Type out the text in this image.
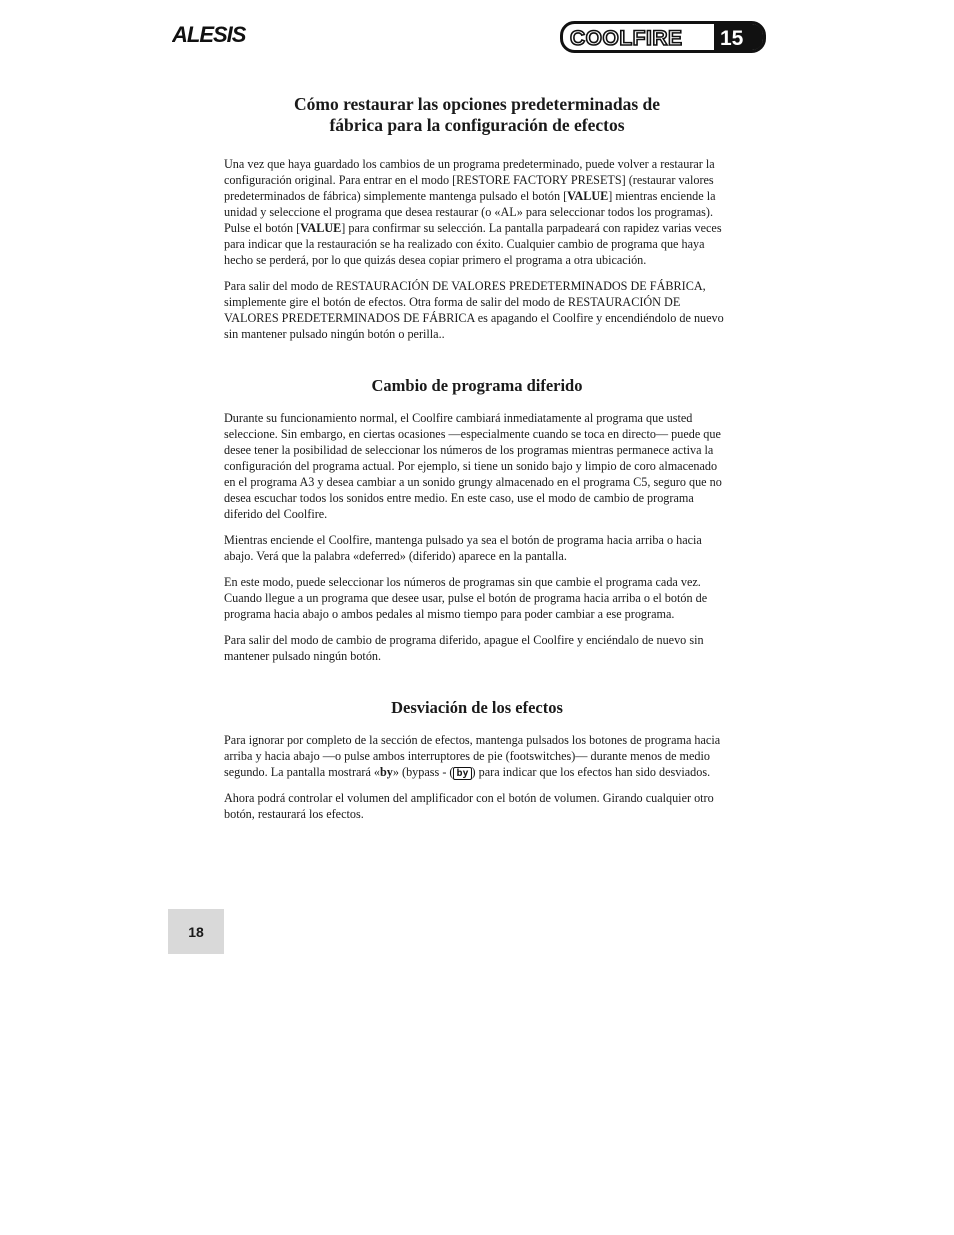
ALESIS	COOLFIRE 15
Cómo restaurar las opciones predeterminadas de
fábrica para la configuración de efectos

Una vez que haya guardado los cambios de un programa predeterminado, puede volver a restaurar la configuración original. Para entrar en el modo [RESTORE FACTORY PRESETS] (restaurar valores predeterminados de fábrica) simplemente mantenga pulsado el botón [VALUE] mientras enciende la unidad y seleccione el programa que desea restaurar (o «AL» para seleccionar todos los programas). Pulse el botón [VALUE] para confirmar su selección. La pantalla parpadeará con rapidez varias veces para indicar que la restauración se ha realizado con éxito. Cualquier cambio de programa que haya hecho se perderá, por lo que quizás desea copiar primero el programa a otra ubicación.

Para salir del modo de RESTAURACIÓN DE VALORES PREDETERMINADOS DE FÁBRICA, simplemente gire el botón de efectos. Otra forma de salir del modo de RESTAURACIÓN DE VALORES PREDETERMINADOS DE FÁBRICA es apagando el Coolfire y encendiéndolo de nuevo sin mantener pulsado ningún botón o perilla..

Cambio de programa diferido

Durante su funcionamiento normal, el Coolfire cambiará inmediatamente al programa que usted seleccione. Sin embargo, en ciertas ocasiones —especialmente cuando se toca en directo— puede que desee tener la posibilidad de seleccionar los números de los programas mientras permanece activa la configuración del programa actual. Por ejemplo, si tiene un sonido bajo y limpio de coro almacenado en el programa A3 y desea cambiar a un sonido grungy almacenado en el programa C5, seguro que no desea escuchar todos los sonidos entre medio. En este caso, use el modo de cambio de programa diferido del Coolfire.

Mientras enciende el Coolfire, mantenga pulsado ya sea el botón de programa hacia arriba o hacia abajo. Verá que la palabra «deferred» (diferido) aparece en la pantalla.

En este modo, puede seleccionar los números de programas sin que cambie el programa cada vez. Cuando llegue a un programa que desee usar, pulse el botón de programa hacia arriba o el botón de programa hacia abajo o ambos pedales al mismo tiempo para poder cambiar a ese programa.

Para salir del modo de cambio de programa diferido, apague el Coolfire y enciéndalo de nuevo sin mantener pulsado ningún botón.

Desviación de los efectos

Para ignorar por completo de la sección de efectos, mantenga pulsados los botones de programa hacia arriba y hacia abajo —o pulse ambos interruptores de pie (footswitches)— durante menos de medio segundo. La pantalla mostrará «by» (bypass - ( by ) para indicar que los efectos han sido desviados.

Ahora podrá controlar el volumen del amplificador con el botón de volumen. Girando cualquier otro botón, restaurará los efectos.

18
